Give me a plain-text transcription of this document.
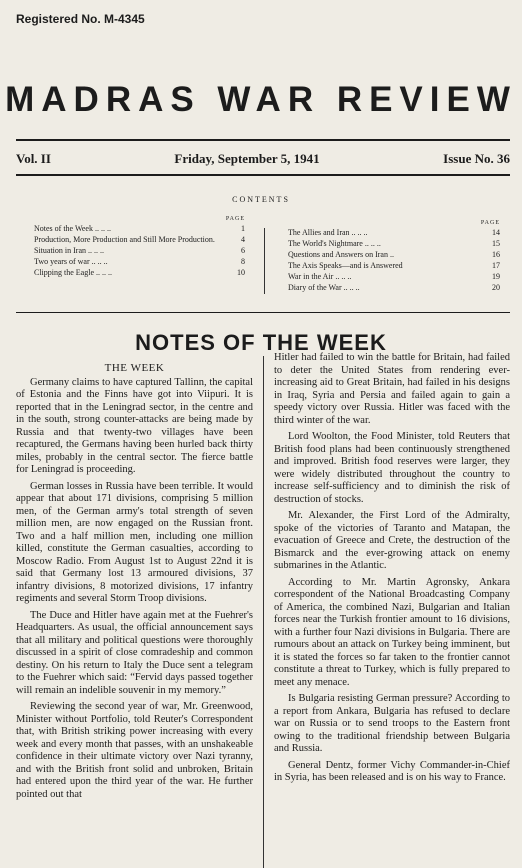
Registered No. M-4345
MADRAS WAR REVIEW
Vol. II	Friday, September 5, 1941	Issue No. 36
CONTENTS
PAGE
Notes of the Week .. .. ..	1
Production, More Production and Still More Production.	4
Situation in Iran .. .. ..	6
Two years of war .. .. ..	8
Clipping the Eagle .. .. ..	10
PAGE
The Allies and Iran .. .. ..	14
The World's Nightmare .. .. ..	15
Questions and Answers on Iran ..	16
The Axis Speaks—and is Answered	17
War in the Air .. .. ..	19
Diary of the War .. .. ..	20
NOTES OF THE WEEK
THE WEEK

Germany claims to have captured Tallinn, the capital of Estonia and the Finns have got into Viipuri. It is reported that in the Leningrad sector, in the centre and in the south, strong counter-attacks are being made by Russia and that twenty-two villages have been recaptured, the Germans having been hurled back thirty miles, probably in the central sector. The fierce battle for Leningrad is proceeding.

German losses in Russia have been terrible. It would appear that about 171 divisions, comprising 5 million men, of the German army's total strength of seven million men, are now engaged on the Russian front. Two and a half million men, including one million killed, constitute the German casualties, according to Moscow Radio. From August 1st to August 22nd it is said that Germany lost 13 armoured divisions, 37 infantry divisions, 8 motorized divisions, 17 infantry regiments and several Storm Troop divisions.

The Duce and Hitler have again met at the Fuehrer's Headquarters. As usual, the official announcement says that all military and political questions were thoroughly discussed in a spirit of close comradeship and common destiny. On his return to Italy the Duce sent a telegram to the Fuehrer which said: “Fervid days passed together will remain an indelible souvenir in my memory.”

Reviewing the second year of war, Mr. Greenwood, Minister without Portfolio, told Reuter's Correspondent that, with British striking power increasing with every week and every month that passes, with an unshakeable confidence in their ultimate victory over Nazi tyranny, and with the British front solid and unbroken, Britain had entered upon the third year of the war. He further pointed out that

Hitler had failed to win the battle for Britain, had failed to deter the United States from rendering ever-increasing aid to Great Britain, had failed in his designs in Iraq, Syria and Persia and failed again to gain a speedy victory over Russia. Hitler was faced with the third winter of the war.

Lord Woolton, the Food Minister, told Reuters that British food plans had been continuously strengthened and improved. British food reserves were larger, they were widely distributed throughout the country to increase self-sufficiency and to diminish the risk of destruction of stocks.

Mr. Alexander, the First Lord of the Admiralty, spoke of the victories of Taranto and Matapan, the evacuation of Greece and Crete, the destruction of the Bismarck and the ever-growing attack on enemy submarines in the Atlantic.

According to Mr. Martin Agronsky, Ankara correspondent of the National Broadcasting Company of America, the combined Nazi, Bulgarian and Italian forces near the Turkish frontier amount to 16 divisions, with a further four Nazi divisions in Bulgaria. There are rumours about an attack on Turkey being imminent, but it is stated the forces so far taken to the frontier cannot constitute a threat to Turkey, which is fully prepared to meet any menace.

Is Bulgaria resisting German pressure? According to a report from Ankara, Bulgaria has refused to declare war on Russia or to send troops to the Eastern front owing to the traditional friendship between Bulgaria and Russia.

General Dentz, former Vichy Commander-in-Chief in Syria, has been released and is on his way to France.
